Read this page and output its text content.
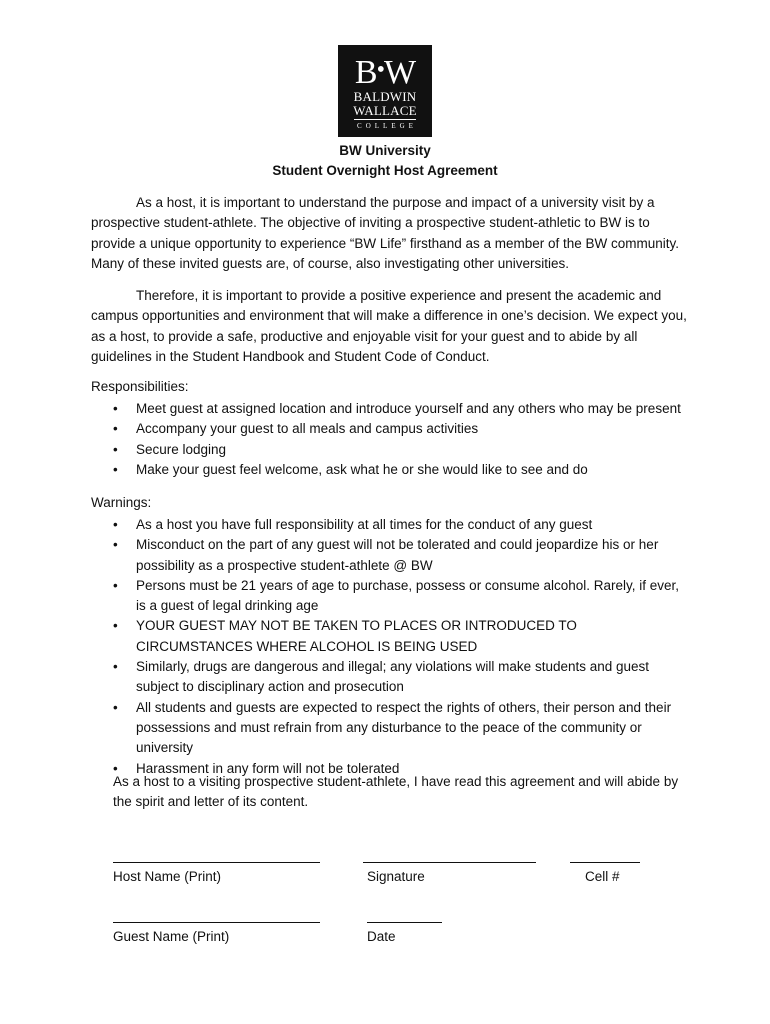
B•W
BALDWIN
WALLACE
COLLEGE
BW University
Student Overnight Host Agreement

As a host, it is important to understand the purpose and impact of a university visit by a prospective student-athlete. The objective of inviting a prospective student-athletic to BW is to provide a unique opportunity to experience “BW Life” firsthand as a member of the BW community. Many of these invited guests are, of course, also investigating other universities.

Therefore, it is important to provide a positive experience and present the academic and campus opportunities and environment that will make a difference in one’s decision. We expect you, as a host, to provide a safe, productive and enjoyable visit for your guest and to abide by all guidelines in the Student Handbook and Student Code of Conduct.

Responsibilities:
• Meet guest at assigned location and introduce yourself and any others who may be present
• Accompany your guest to all meals and campus activities
• Secure lodging
• Make your guest feel welcome, ask what he or she would like to see and do
Warnings:
• As a host you have full responsibility at all times for the conduct of any guest
• Misconduct on the part of any guest will not be tolerated and could jeopardize his or her possibility as a prospective student-athlete @ BW
• Persons must be 21 years of age to purchase, possess or consume alcohol. Rarely, if ever, is a guest of legal drinking age
• YOUR GUEST MAY NOT BE TAKEN TO PLACES OR INTRODUCED TO CIRCUMSTANCES WHERE ALCOHOL IS BEING USED
• Similarly, drugs are dangerous and illegal; any violations will make students and guest subject to disciplinary action and prosecution
• All students and guests are expected to respect the rights of others, their person and their possessions and must refrain from any disturbance to the peace of the community or university
• Harassment in any form will not be tolerated

As a host to a visiting prospective student-athlete, I have read this agreement and will abide by the spirit and letter of its content.

Host Name (Print)	Signature	Cell #
Guest Name (Print)	Date
